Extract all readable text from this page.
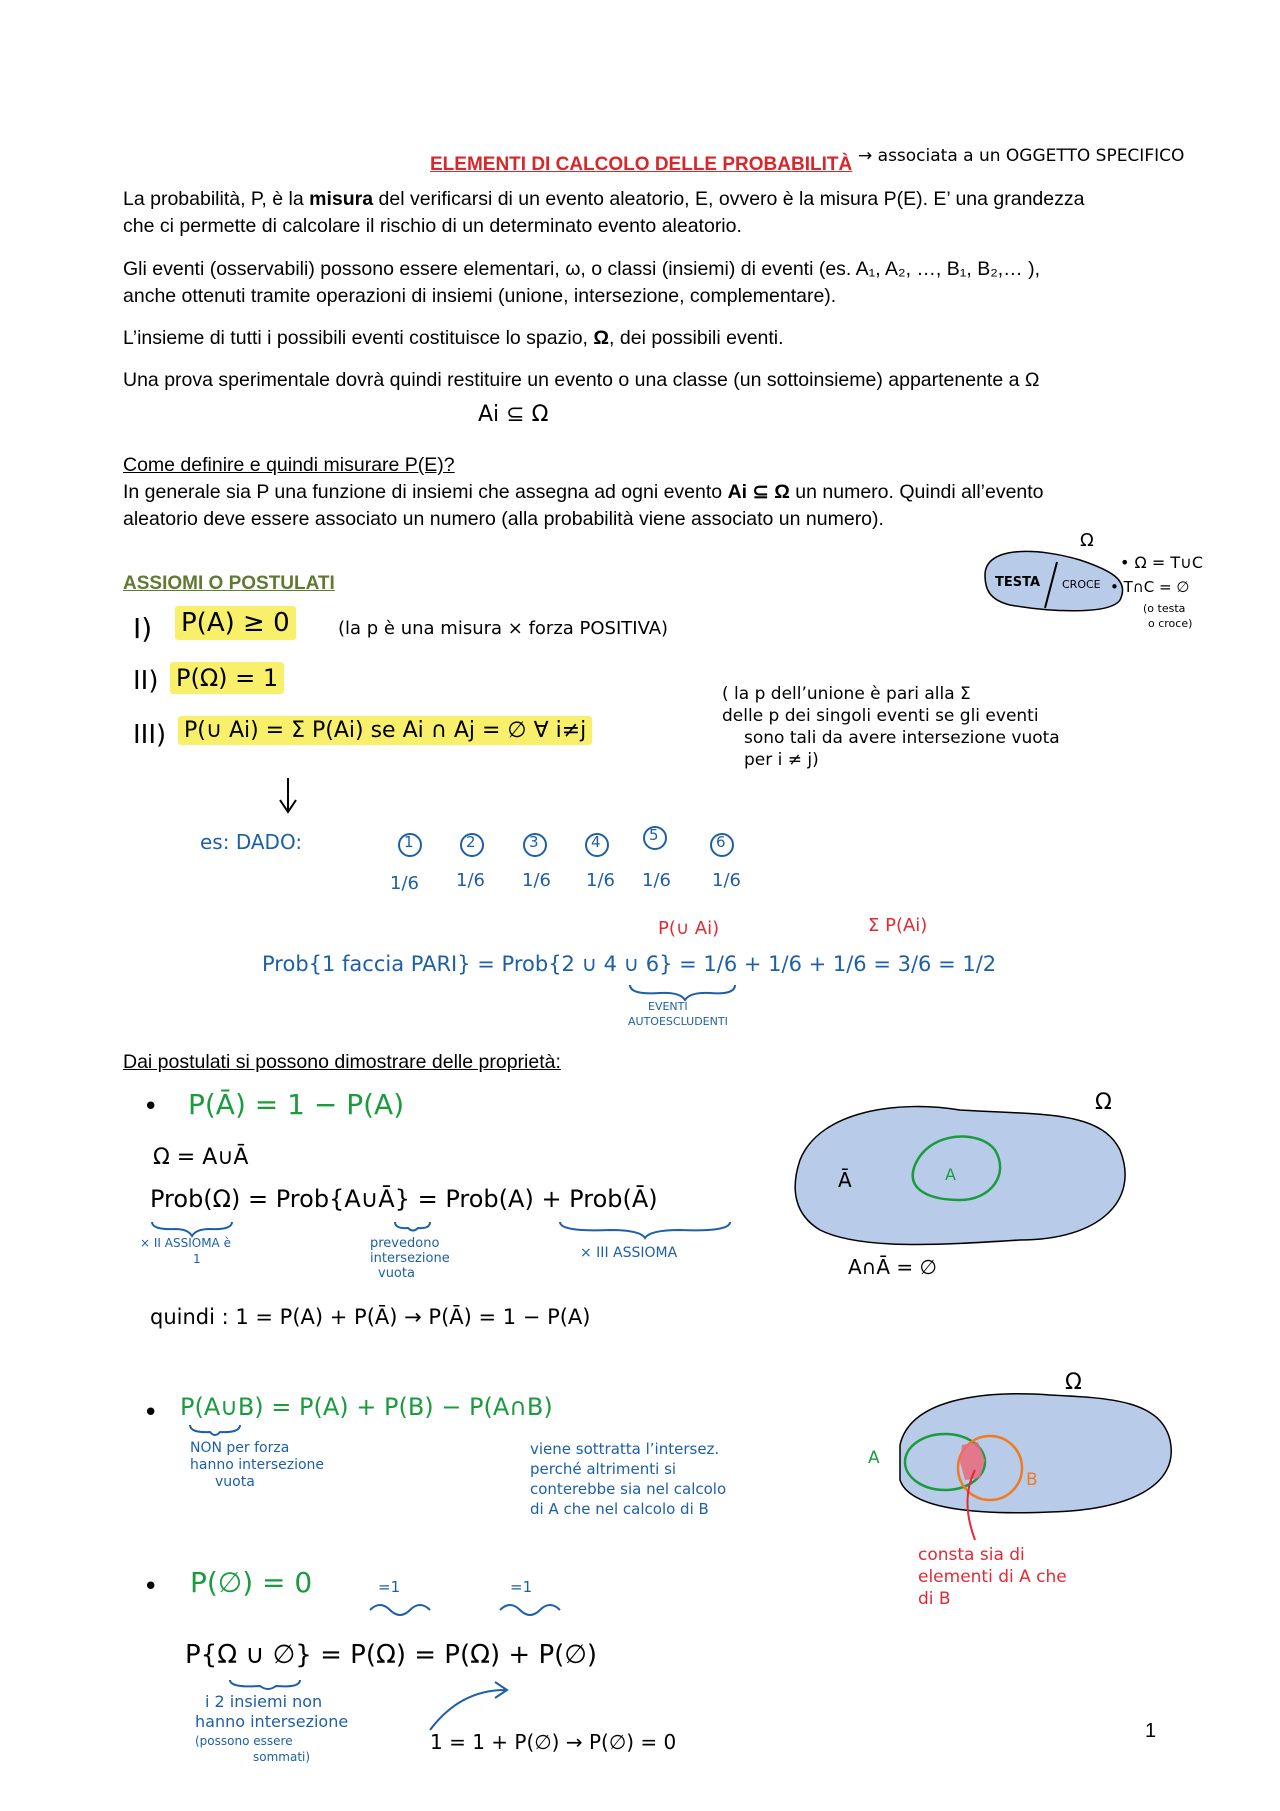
ELEMENTI DI CALCOLO DELLE PROBABILITÀ → associata a un OGGETTO SPECIFICO

La probabilità, P, è la misura del verificarsi di un evento aleatorio, E, ovvero è la misura P(E). E’ una grandezza
che ci permette di calcolare il rischio di un determinato evento aleatorio.

Gli eventi (osservabili) possono essere elementari, ω, o classi (insiemi) di eventi (es. A₁, A₂, …, B₁, B₂,… ),
anche ottenuti tramite operazioni di insiemi (unione, intersezione, complementare).

L’insieme di tutti i possibili eventi costituisce lo spazio, Ω, dei possibili eventi.

Una prova sperimentale dovrà quindi restituire un evento o una classe (un sottoinsieme) appartenente a Ω

Ai ⊆ Ω

Come definire e quindi misurare P(E)?
In generale sia P una funzione di insiemi che assegna ad ogni evento Ai ⊆ Ω un numero. Quindi all’evento
aleatorio deve essere associato un numero (alla probabilità viene associato un numero).

Ω
TESTA CROCE
• Ω = T∪C
• T∩C = ∅
(o testa
o croce)
ASSIOMI O POSTULATI
I) P(A) ≥ 0	(la p è una misura × forza POSITIVA)
II) P(Ω) = 1
III) P(∪ Ai) = Σ P(Ai) se Ai ∩ Aj = ∅ ∀ i≠j
( la p dell’unione è pari alla Σ
delle p dei singoli eventi se gli eventi
sono tali da avere intersezione vuota
per i ≠ j)
es: DADO:	1	2	3	4	5	6
1/6 1/6 1/6 1/6 1/6 1/6
P(∪ Ai)	Σ P(Ai)
Prob{1 faccia PARI} = Prob{2 ∪ 4 ∪ 6} = 1/6 + 1/6 + 1/6 = 3/6 = 1/2
EVENTI
AUTOESCLUDENTI

Dai postulati si possono dimostrare delle proprietà:

• P(Ā) = 1 − P(A)
Ω = A∪Ā
Prob(Ω) = Prob{A∪Ā} = Prob(A) + Prob(Ā)
× II ASSIOMA è
1
prevedono
intersezione
vuota
× III ASSIOMA
quindi : 1 = P(A) + P(Ā) → P(Ā) = 1 − P(A)
Ω
Ā	A
A∩Ā = ∅
• P(A∪B) = P(A) + P(B) − P(A∩B)
NON per forza
hanno intersezione
vuota
viene sottratta l’intersez.
perché altrimenti si
conterebbe sia nel calcolo
di A che nel calcolo di B
Ω
A
B
consta sia di
elementi di A che
di B
• P(∅) = 0	=1	=1
P{Ω ∪ ∅} = P(Ω) = P(Ω) + P(∅)
i 2 insiemi non
hanno intersezione
(possono essere
sommati)
1 = 1 + P(∅) → P(∅) = 0	1
